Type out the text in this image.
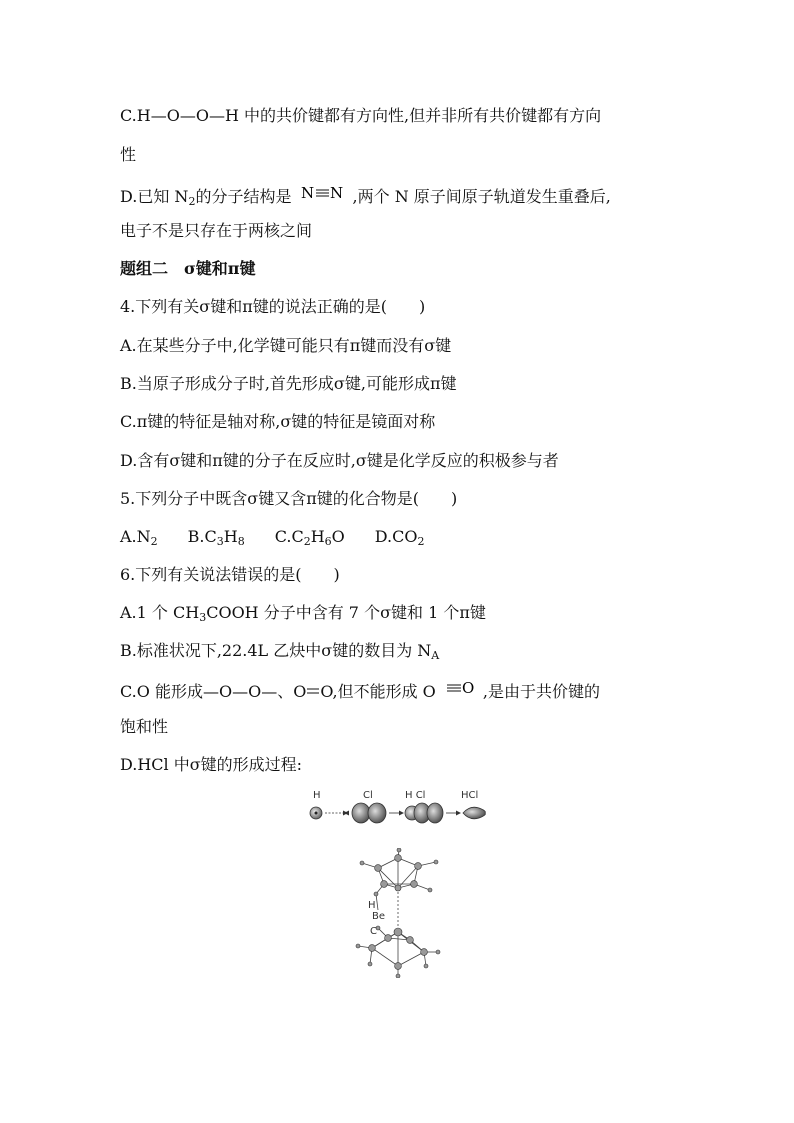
C.H—O—O—H 中的共价键都有方向性,但并非所有共价键都有方向
性
D.已知 $N_2$的分子结构是 N N ,两个 N 原子间原子轨道发生重叠后,
电子不是只存在于两核之间
题组二　σ键和π键
4.下列有关σ键和π键的说法正确的是(　　)
A.在某些分子中,化学键可能只有π键而没有σ键
B.当原子形成分子时,首先形成σ键,可能形成π键
C.π键的特征是轴对称,σ键的特征是镜面对称
D.含有σ键和π键的分子在反应时,σ键是化学反应的积极参与者
5.下列分子中既含σ键又含π键的化合物是(　　)
$A.N_2$ $B.C_3H_8$ $C.C_2H_6O$ $D.CO_2$
6.下列有关说法错误的是(　　)
A.1 个 $CH_3COOH$ 分子中含有 7 个σ键和 1 个π键
B.标准状况下,22.4L 乙炔中σ键的数目为 $N_A$
C.O 能形成—O—O—、O O,但不能形成 O O ,是由于共价键的
饱和性
D.HCl 中σ键的形成过程:
H	Cl	H Cl	HCl
H
Be
C
